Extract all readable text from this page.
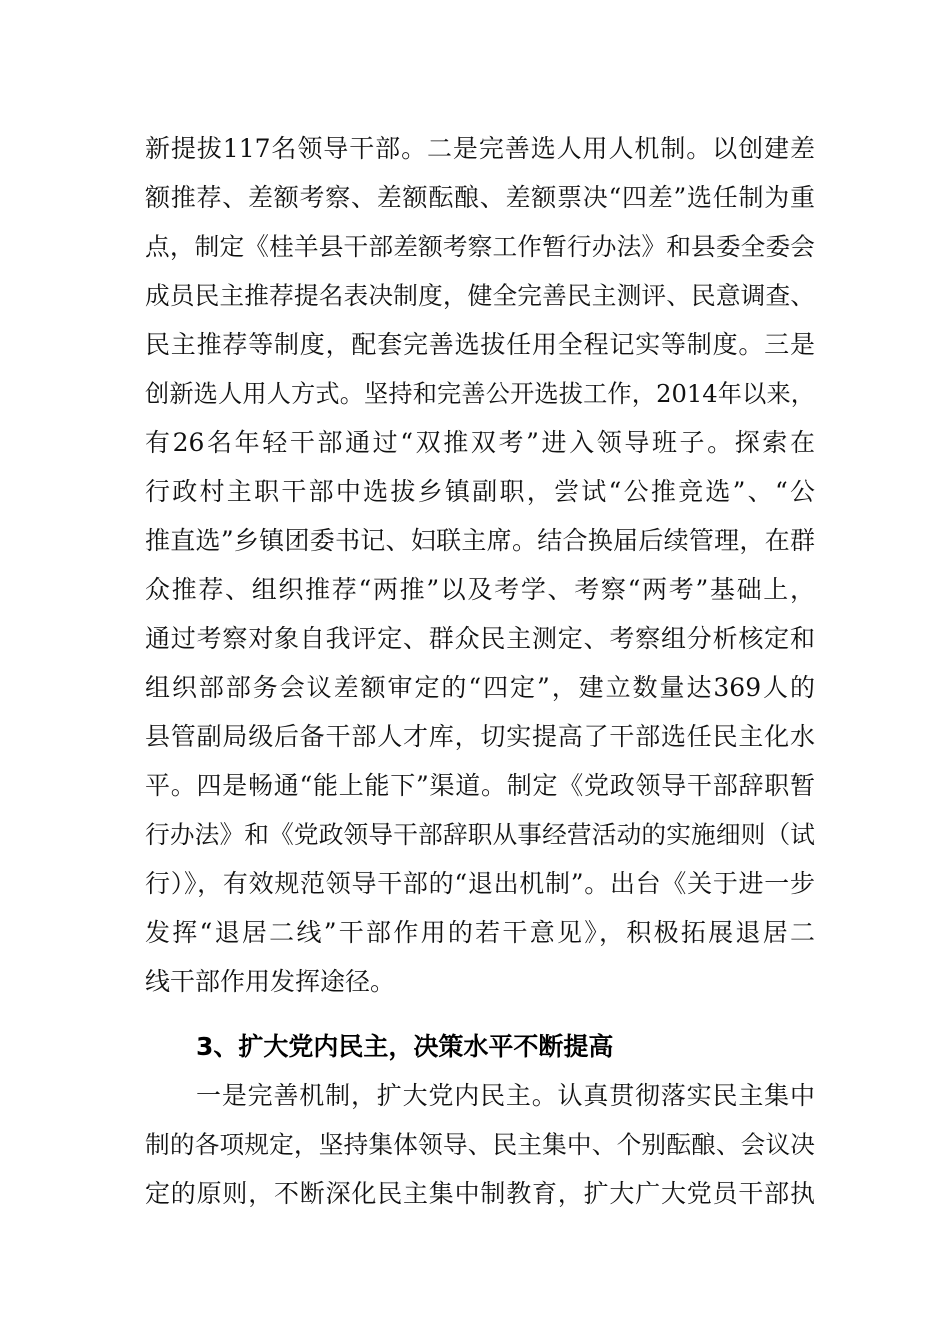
新提拔117名领导干部。二是完善选人用人机制。以创建差
额推荐、差额考察、差额酝酿、差额票决“四差”选任制为重
点，制定《桂羊县干部差额考察工作暂行办法》和县委全委会
成员民主推荐提名表决制度，健全完善民主测评、民意调查、
民主推荐等制度，配套完善选拔任用全程记实等制度。三是
创新选人用人方式。坚持和完善公开选拔工作，2014年以来，
有26名年轻干部通过“双推双考”进入领导班子。探索在
行政村主职干部中选拔乡镇副职，尝试“公推竞选”、“公
推直选”乡镇团委书记、妇联主席。结合换届后续管理，在群
众推荐、组织推荐“两推”以及考学、考察“两考”基础上，
通过考察对象自我评定、群众民主测定、考察组分析核定和
组织部部务会议差额审定的“四定”，建立数量达369人的
县管副局级后备干部人才库，切实提高了干部选任民主化水
平。四是畅通“能上能下”渠道。制定《党政领导干部辞职暂
行办法》和《党政领导干部辞职从事经营活动的实施细则（试
行）》，有效规范领导干部的“退出机制”。出台《关于进一步
发挥“退居二线”干部作用的若干意见》，积极拓展退居二
线干部作用发挥途径。
3、扩大党内民主，决策水平不断提高
一是完善机制，扩大党内民主。认真贯彻落实民主集中
制的各项规定，坚持集体领导、民主集中、个别酝酿、会议决
定的原则，不断深化民主集中制教育，扩大广大党员干部执
